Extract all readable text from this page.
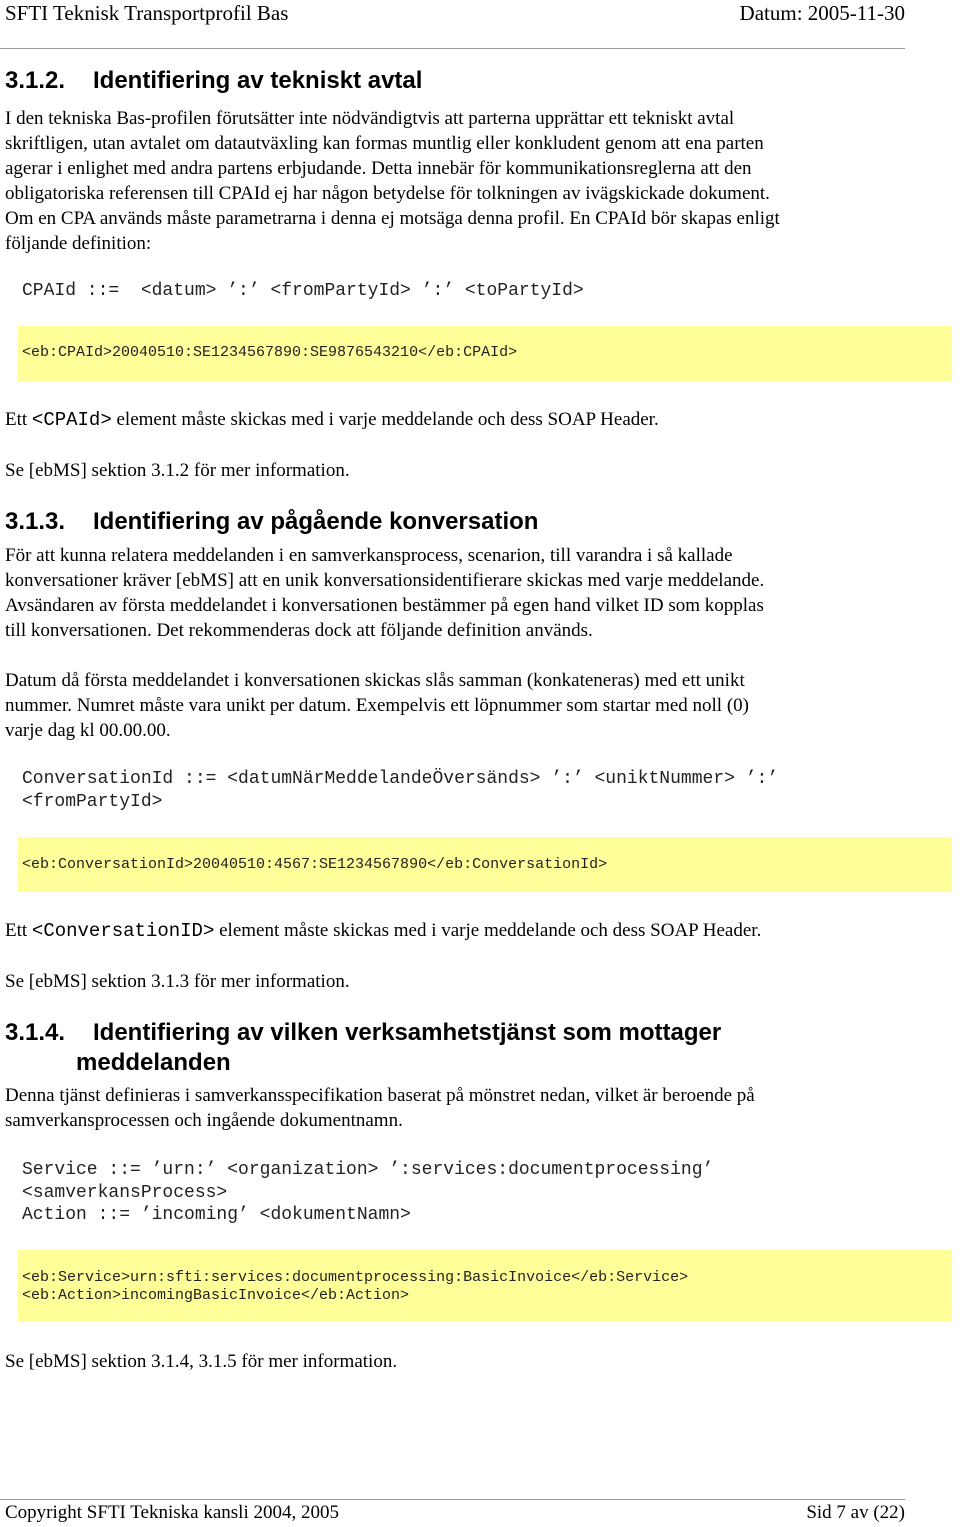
SFTI Teknisk Transportprofil Bas	Datum: 2005-11-30
3.1.2. Identifiering av tekniskt avtal
I den tekniska Bas-profilen förutsätter inte nödvändigtvis att parterna upprättar ett tekniskt avtal
skriftligen, utan avtalet om datautväxling kan formas muntlig eller konkludent genom att ena parten
agerar i enlighet med andra partens erbjudande. Detta innebär för kommunikationsreglerna att den
obligatoriska referensen till CPAId ej har någon betydelse för tolkningen av ivägskickade dokument.
Om en CPA används måste parametrarna i denna ej motsäga denna profil. En CPAId bör skapas enligt
följande definition:
CPAId ::=  <datum> ’:’ <fromPartyId> ’:’ <toPartyId>
<eb:CPAId>20040510:SE1234567890:SE9876543210</eb:CPAId>
Ett <CPAId> element måste skickas med i varje meddelande och dess SOAP Header.
Se [ebMS] sektion 3.1.2 för mer information.
3.1.3. Identifiering av pågående konversation
För att kunna relatera meddelanden i en samverkansprocess, scenarion, till varandra i så kallade
konversationer kräver [ebMS] att en unik konversationsidentifierare skickas med varje meddelande.
Avsändaren av första meddelandet i konversationen bestämmer på egen hand vilket ID som kopplas
till konversationen. Det rekommenderas dock att följande definition används.
Datum då första meddelandet i konversationen skickas slås samman (konkateneras) med ett unikt
nummer. Numret måste vara unikt per datum. Exempelvis ett löpnummer som startar med noll (0)
varje dag kl 00.00.00.
ConversationId ::= <datumNärMeddelandeÖversänds> ’:’ <uniktNummer> ’:’
<fromPartyId>
<eb:ConversationId>20040510:4567:SE1234567890</eb:ConversationId>
Ett <ConversationID> element måste skickas med i varje meddelande och dess SOAP Header.
Se [ebMS] sektion 3.1.3 för mer information.
3.1.4. Identifiering av vilken verksamhetstjänst som mottager
meddelanden
Denna tjänst definieras i samverkansspecifikation baserat på mönstret nedan, vilket är beroende på
samverkansprocessen och ingående dokumentnamn.
Service ::= ’urn:’ <organization> ’:services:documentprocessing’
<samverkansProcess>
Action ::= ’incoming’ <dokumentNamn>
<eb:Service>urn:sfti:services:documentprocessing:BasicInvoice</eb:Service>
<eb:Action>incomingBasicInvoice</eb:Action>
Se [ebMS] sektion 3.1.4, 3.1.5 för mer information.
Copyright SFTI Tekniska kansli 2004, 2005	Sid 7 av (22)
